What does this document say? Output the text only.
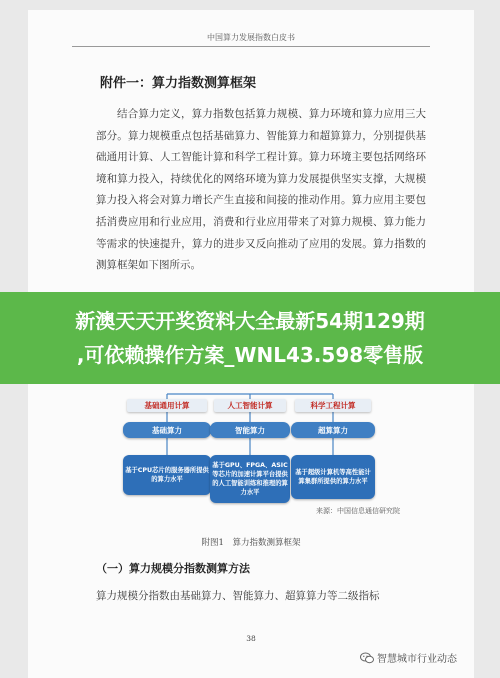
中国算力发展指数白皮书
附件一：算力指数测算框架
结合算力定义，算力指数包括算力规模、算力环境和算力应用三大部分。算力规模重点包括基础算力、智能算力和超算算力，分别提供基础通用计算、人工智能计算和科学工程计算。算力环境主要包括网络环境和算力投入，持续优化的网络环境为算力发展提供坚实支撑，大规模算力投入将会对算力增长产生直接和间接的推动作用。算力应用主要包括消费应用和行业应用，消费和行业应用带来了对算力规模、算力能力等需求的快速提升，算力的进步又反向推动了应用的发展。算力指数的测算框架如下图所示。
来源：中国信息通信研究院
附图1　算力指数测算框架
（一）算力规模分指数测算方法
算力规模分指数由基础算力、智能算力、超算算力等二级指标
38
新澳天天开奖资料大全最新54期129期
,可依赖操作方案_WNL43.598零售版
基础通用计算	人工智能计算	科学工程计算
基础算力	智能算力	超算算力
基于CPU芯片的服务器所提供的算力水平
基于GPU、FPGA、ASIC等芯片的加速计算平台提供的人工智能训练和推理的算力水平
基于超级计算机等高性能计算集群所提供的算力水平
智慧城市行业动态
